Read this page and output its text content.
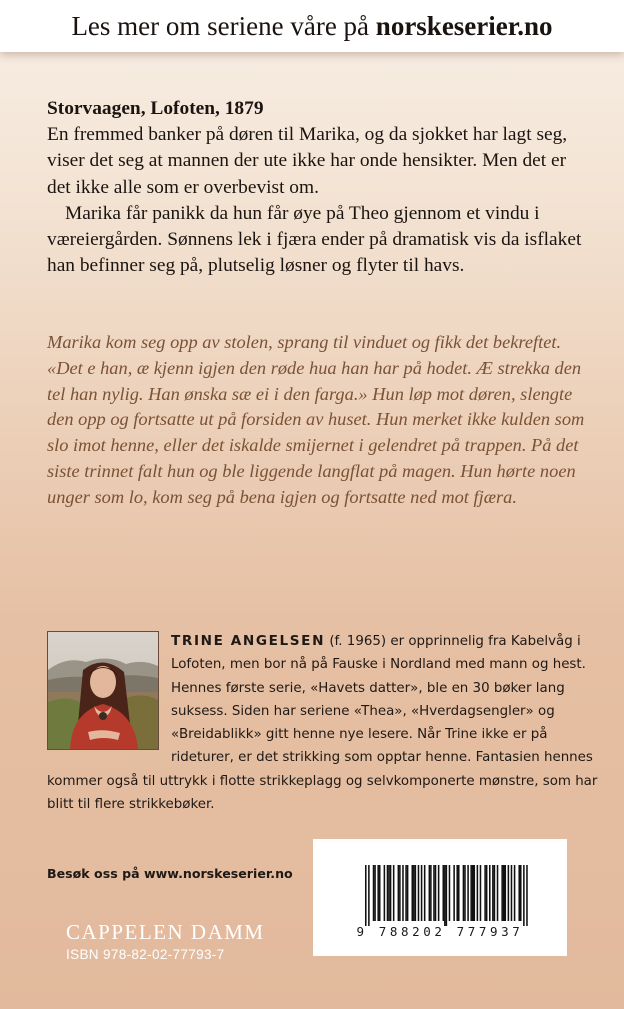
Les mer om seriene våre på norskeserier.no
Storvaagen, Lofoten, 1879
En fremmed banker på døren til Marika, og da sjokket har lagt seg, viser det seg at mannen der ute ikke har onde hensikter. Men det er det ikke alle som er overbevist om.
Marika får panikk da hun får øye på Theo gjennom et vindu i væreiergården. Sønnens lek i fjæra ender på dramatisk vis da isflaket han befinner seg på, plutselig løsner og flyter til havs.
Marika kom seg opp av stolen, sprang til vinduet og fikk det bekreftet. «Det e han, æ kjenn igjen den røde hua han har på hodet. Æ strekka den tel han nylig. Han ønska sæ ei i den farga.» Hun løp mot døren, slengte den opp og fortsatte ut på forsiden av huset. Hun merket ikke kulden som slo imot henne, eller det iskalde smijernet i gelendret på trappen. På det siste trinnet falt hun og ble liggende langflat på magen. Hun hørte noen unger som lo, kom seg på bena igjen og fortsatte ned mot fjæra.
TRINE ANGELSEN (f. 1965) er opprinnelig fra Kabelvåg i Lofoten, men bor nå på Fauske i Nordland med mann og hest. Hennes første serie, «Havets datter», ble en 30 bøker lang suksess. Siden har seriene «Thea», «Hverdagsengler» og «Breidablikk» gitt henne nye lesere. Når Trine ikke er på rideturer, er det strikking som opptar henne. Fantasien hennes kommer også til uttrykk i flotte strikkeplagg og selvkomponerte mønstre, som har blitt til flere strikkebøker.
Besøk oss på www.norskeserier.no
CAPPELEN DAMM
ISBN 978-82-02-77793-7
9 788202 777937
